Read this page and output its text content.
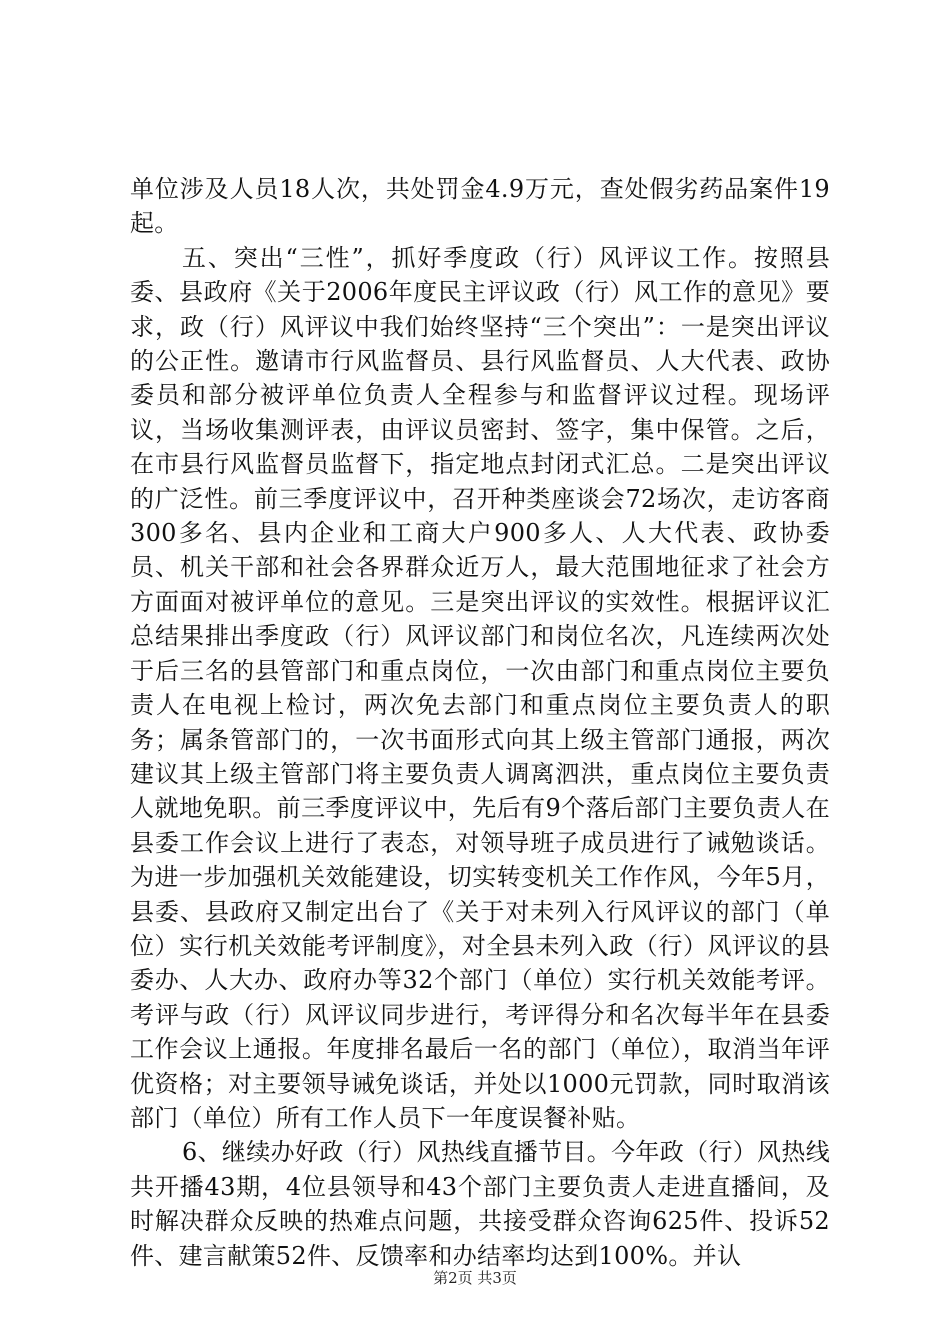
单位涉及人员18人次，共处罚金4.9万元，查处假劣药品案件19起。

五、突出“三性”，抓好季度政（行）风评议工作。按照县委、县政府《关于2006年度民主评议政（行）风工作的意见》要求，政（行）风评议中我们始终坚持“三个突出”：一是突出评议的公正性。邀请市行风监督员、县行风监督员、人大代表、政协委员和部分被评单位负责人全程参与和监督评议过程。现场评议，当场收集测评表，由评议员密封、签字，集中保管。之后，在市县行风监督员监督下，指定地点封闭式汇总。二是突出评议的广泛性。前三季度评议中，召开种类座谈会72场次，走访客商300多名、县内企业和工商大户900多人、人大代表、政协委员、机关干部和社会各界群众近万人，最大范围地征求了社会方方面面对被评单位的意见。三是突出评议的实效性。根据评议汇总结果排出季度政（行）风评议部门和岗位名次，凡连续两次处于后三名的县管部门和重点岗位，一次由部门和重点岗位主要负责人在电视上检讨，两次免去部门和重点岗位主要负责人的职务；属条管部门的，一次书面形式向其上级主管部门通报，两次建议其上级主管部门将主要负责人调离泗洪，重点岗位主要负责人就地免职。前三季度评议中，先后有9个落后部门主要负责人在县委工作会议上进行了表态，对领导班子成员进行了诫勉谈话。为进一步加强机关效能建设，切实转变机关工作作风，今年5月，县委、县政府又制定出台了《关于对未列入行风评议的部门（单位）实行机关效能考评制度》，对全县未列入政（行）风评议的县委办、人大办、政府办等32个部门（单位）实行机关效能考评。考评与政（行）风评议同步进行，考评得分和名次每半年在县委工作会议上通报。年度排名最后一名的部门（单位），取消当年评优资格；对主要领导诫免谈话，并处以1000元罚款，同时取消该部门（单位）所有工作人员下一年度误餐补贴。

6、继续办好政（行）风热线直播节目。今年政（行）风热线共开播43期，4位县领导和43个部门主要负责人走进直播间，及时解决群众反映的热难点问题，共接受群众咨询625件、投诉52件、建言献策52件、反馈率和办结率均达到100%。并认

第2页 共3页
